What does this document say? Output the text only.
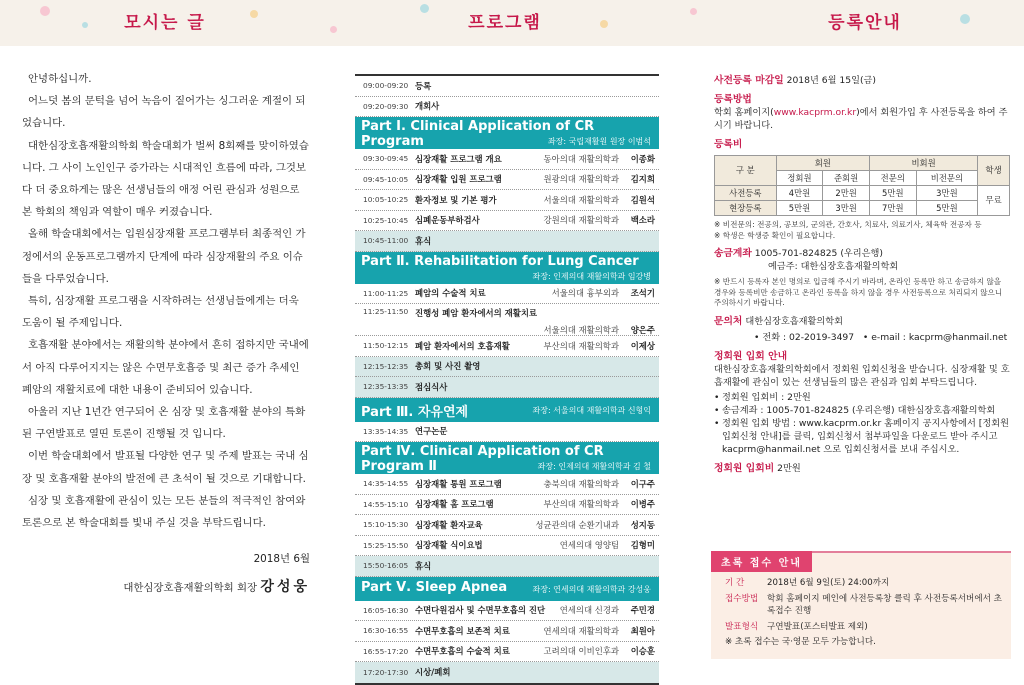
모시는 글	프로그램	등록안내

안녕하십니까.

어느덧 봄의 문턱을 넘어 녹음이 짙어가는 싱그러운 계절이 되었습니다.

대한심장호흡재활의학회 학술대회가 벌써 8회째를 맞이하였습니다. 그 사이 노인인구 증가라는 시대적인 흐름에 따라, 그것보다 더 중요하게는 많은 선생님들의 애정 어린 관심과 성원으로 본 학회의 책임과 역할이 매우 커졌습니다.

올해 학술대회에서는 입원심장재활 프로그램부터 최종적인 가정에서의 운동프로그램까지 단계에 따라 심장재활의 주요 이슈들을 다루었습니다.

특히, 심장재활 프로그램을 시작하려는 선생님들에게는 더욱 도움이 될 주제입니다.

호흡재활 분야에서는 재활의학 분야에서 흔히 접하지만 국내에서 아직 다루어지지는 않은 수면무호흡증 및 최근 증가 추세인 폐암의 재활치료에 대한 내용이 준비되어 있습니다.

아울러 지난 1년간 연구되어 온 심장 및 호흡재활 분야의 특화된 구연발표로 열띤 토론이 진행될 것 입니다.

이번 학술대회에서 발표될 다양한 연구 및 주제 발표는 국내 심장 및 호흡재활 분야의 발전에 큰 초석이 될 것으로 기대합니다.

심장 및 호흡재활에 관심이 있는 모든 분들의 적극적인 참여와 토론으로 본 학술대회를 빛내 주실 것을 부탁드립니다.

2018년 6월
대한심장호흡재활의학회 회장 강성웅
09:00-09:20 등록
09:20-09:30 개회사
Part Ⅰ. Clinical Application of CR Program	좌장: 국립재활원 원장 이범석
09:30-09:45 심장재활 프로그램 개요	동아의대 재활의학과	이종화
09:45-10:05 심장재활 입원 프로그램	원광의대 재활의학과	김지희
10:05-10:25 환자정보 및 기본 평가	서울의대 재활의학과	김원석
10:25-10:45 심폐운동부하검사	강원의대 재활의학과	백소라
10:45-11:00 휴식
Part Ⅱ. Rehabilitation for Lung Cancer
좌장: 인제의대 재활의학과 임강병
11:00-11:25 폐암의 수술적 치료	서울의대 흉부외과	조석기
11:25-11:50 진행성 폐암 환자에서의 재활치료
서울의대 재활의학과	양은주
11:50-12:15 폐암 환자에서의 호흡재활	부산의대 재활의학과	이제상
12:15-12:35 총회 및 사진 촬영
12:35-13:35 점심식사
Part Ⅲ. 자유연제	좌장: 서울의대 재활의학과 신형익
13:35-14:35 연구논문
Part Ⅳ. Clinical Application of CR Program Ⅱ	좌장: 인제의대 재활의학과 김 철
14:35-14:55 심장재활 통원 프로그램	충북의대 재활의학과	이구주
14:55-15:10 심장재활 홈 프로그램	부산의대 재활의학과	이병주
15:10-15:30 심장재활 환자교육	성균관의대 순환기내과	성지동
15:25-15:50 심장재활 식이요법	연세의대 영양팀	김형미
15:50-16:05 휴식
Part Ⅴ. Sleep Apnea	좌장: 연세의대 재활의학과 강성웅
16:05-16:30 수면다원검사 및 수면무호흡의 진단	연세의대 신경과	주민경
16:30-16:55 수면무호흡의 보존적 치료	연세의대 재활의학과	최원아
16:55-17:20 수면무호흡의 수술적 치료	고려의대 이비인후과	이승훈
17:20-17:30 시상/폐회
사전등록 마감일 2018년 6월 15일(금)
등록방법
학회 홈페이지(www.kacprm.or.kr)에서 회원가입 후 사전등록을 하여 주시기 바랍니다.
등록비
구 분	회원		비회원		학생
	정회원	준회원	전문의	비전문의	
사전등록	4만원	2만원	5만원	3만원	무료
현장등록	5만원	3만원	7만원	5만원	
※ 비전문의: 전공의, 공보의, 군의관, 간호사, 치료사, 의료기사, 체육학 전공자 등
※ 학생은 학생증 확인이 필요합니다.
송금계좌 1005-701-824825 (우리은행)
예금주: 대한심장호흡재활의학회
※ 반드시 등록자 본인 명의로 입금해 주시기 바라며, 온라인 등록만 하고 송금하지 않을 경우와 등록비만 송금하고 온라인 등록을 하지 않을 경우 사전등록으로 처리되지 않으니 주의하시기 바랍니다.
문의처 대한심장호흡재활의학회
• 전화 : 02-2019-3497 • e-mail : kacprm@hanmail.net
정회원 입회 안내
대한심장호흡재활의학회에서 정회원 입회신청을 받습니다. 심장재활 및 호흡재활에 관심이 있는 선생님들의 많은 관심과 입회 부탁드립니다.
• 정회원 입회비 : 2만원
• 송금계좌 : 1005-701-824825 (우리은행) 대한심장호흡재활의학회
• 정회원 입회 방법 : www.kacprm.or.kr 홈페이지 공지사항에서 [정회원입회신청 안내]를 클릭, 입회신청서 첨부파일을 다운로드 받아 주시고 kacprm@hanmail.net 으로 입회신청서를 보내 주십시오.
정회원 입회비 2만원
초록 접수 안내
기 간	2018년 6월 9일(토) 24:00까지
접수방법	학회 홈페이지 메인에 사전등록창 클릭 후 사전등록서버에서 초록접수 진행
발표형식	구연발표(포스터발표 제외)
※ 초록 접수는 국·영문 모두 가능합니다.
